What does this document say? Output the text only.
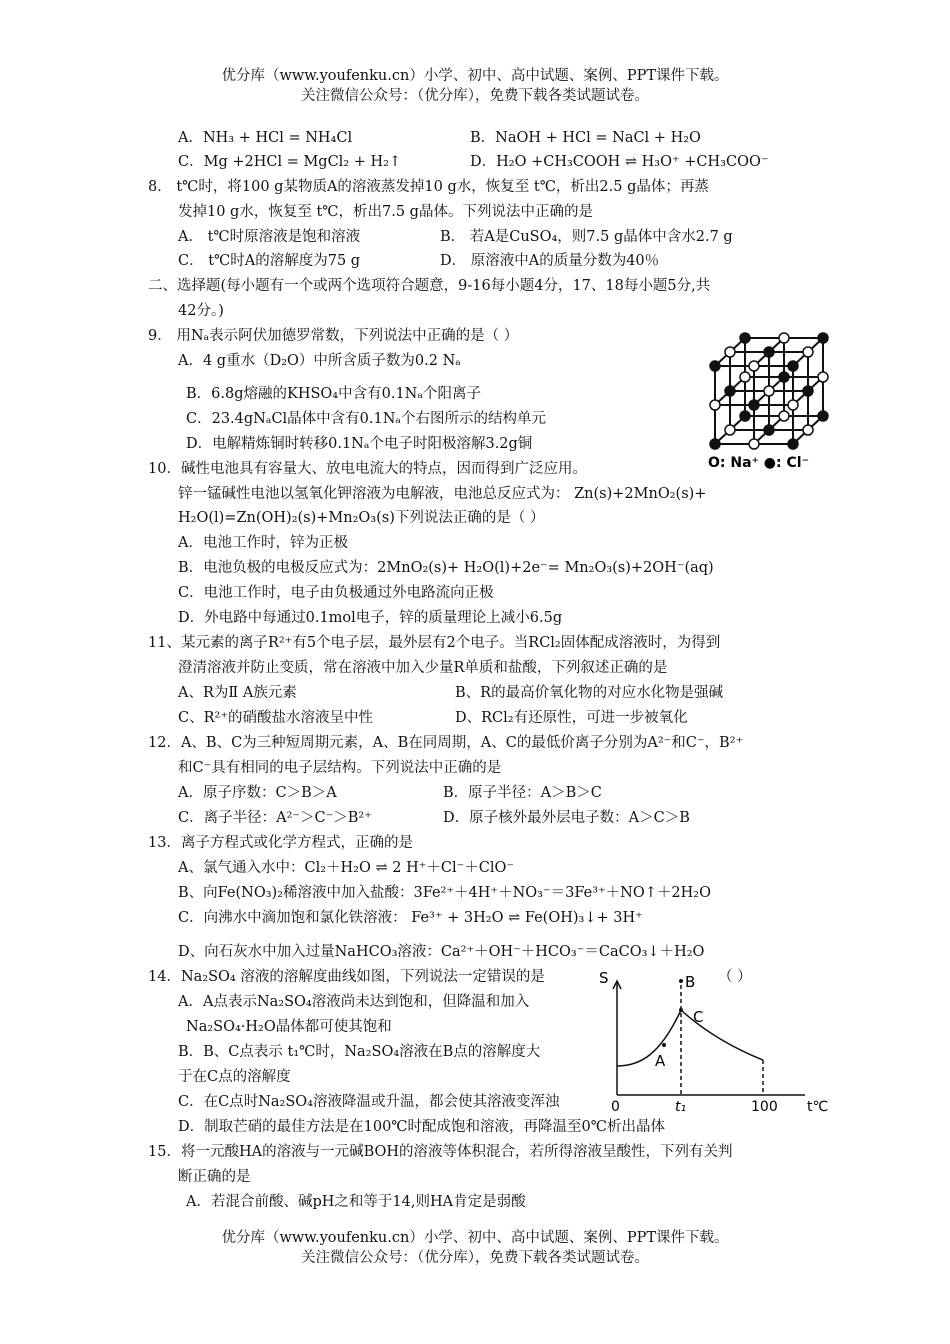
优分库（www.youfenku.cn）小学、初中、高中试题、案例、PPT课件下载。
关注微信公众号：（优分库），免费下载各类试题试卷。
A．NH₃ + HCl = NH₄Cl	B．NaOH + HCl = NaCl + H₂O
C．Mg +2HCl = MgCl₂ + H₂↑	D．H₂O +CH₃COOH ⇌ H₃O⁺ +CH₃COO⁻
8． t℃时，将100 g某物质A的溶液蒸发掉10 g水，恢复至 t℃，析出2.5 g晶体；再蒸
发掉10 g水，恢复至 t℃，析出7.5 g晶体。下列说法中正确的是
A． t℃时原溶液是饱和溶液	B． 若A是CuSO₄，则7.5 g晶体中含水2.7 g
C． t℃时A的溶解度为75 g	D． 原溶液中A的质量分数为40％
二、选择题(每小题有一个或两个选项符合题意，9-16每小题4分，17、18每小题5分,共
42分。)
9． 用Nₐ表示阿伏加德罗常数，下列说法中正确的是（ ）
A．4 g重水（D₂O）中所含质子数为0.2 Nₐ
B．6.8g熔融的KHSO₄中含有0.1Nₐ个阳离子
C．23.4gNₐCl晶体中含有0.1Nₐ个右图所示的结构单元
D．电解精炼铜时转移0.1Nₐ个电子时阳极溶解3.2g铜
O: Na⁺ ●: Cl⁻
10．碱性电池具有容量大、放电电流大的特点，因而得到广泛应用。
锌一锰碱性电池以氢氧化钾溶液为电解液，电池总反应式为： Zn(s)+2MnO₂(s)+
H₂O(l)=Zn(OH)₂(s)+Mn₂O₃(s)下列说法正确的是（ ）
A．电池工作时，锌为正极
B．电池负极的电极反应式为：2MnO₂(s)+ H₂O(l)+2e⁻= Mn₂O₃(s)+2OH⁻(aq)
C．电池工作时，电子由负极通过外电路流向正极
D．外电路中每通过0.1mol电子，锌的质量理论上减小6.5g
11、某元素的离子R²⁺有5个电子层，最外层有2个电子。当RCl₂固体配成溶液时，为得到
澄清溶液并防止变质，常在溶液中加入少量R单质和盐酸，下列叙述正确的是
A、R为Ⅱ A族元素	B、R的最高价氧化物的对应水化物是强碱
C、R²⁺的硝酸盐水溶液呈中性	D、RCl₂有还原性，可进一步被氧化
12．A、B、C为三种短周期元素，A、B在同周期，A、C的最低价离子分别为A²⁻和C⁻，B²⁺
和C⁻具有相同的电子层结构。下列说法中正确的是
A．原子序数：C＞B＞A	B．原子半径：A＞B＞C
C．离子半径：A²⁻＞C⁻＞B²⁺	D．原子核外最外层电子数：A＞C＞B
13．离子方程式或化学方程式，正确的是
A、氯气通入水中：Cl₂＋H₂O ⇌ 2 H⁺＋Cl⁻＋ClO⁻
B、向Fe(NO₃)₂稀溶液中加入盐酸：3Fe²⁺＋4H⁺＋NO₃⁻＝3Fe³⁺＋NO↑＋2H₂O
C．向沸水中滴加饱和氯化铁溶液： Fe³⁺ + 3H₂O ⇌ Fe(OH)₃↓+ 3H⁺
D、向石灰水中加入过量NaHCO₃溶液：Ca²⁺＋OH⁻＋HCO₃⁻＝CaCO₃↓＋H₂O
14．Na₂SO₄ 溶液的溶解度曲线如图，下列说法一定错误的是	（ ）
A．A点表示Na₂SO₄溶液尚未达到饱和，但降温和加入
Na₂SO₄·H₂O晶体都可使其饱和
B．B、C点表示 t₁℃时，Na₂SO₄溶液在B点的溶解度大
于在C点的溶解度
C．在C点时Na₂SO₄溶液降温或升温，都会使其溶液变浑浊
D．制取芒硝的最佳方法是在100℃时配成饱和溶液，再降温至0℃析出晶体
S	B
C
A
0	t₁	100 t℃
15．将一元酸HA的溶液与一元碱BOH的溶液等体积混合，若所得溶液呈酸性，下列有关判
断正确的是
A．若混合前酸、碱pH之和等于14,则HA肯定是弱酸
优分库（www.youfenku.cn）小学、初中、高中试题、案例、PPT课件下载。
关注微信公众号：（优分库），免费下载各类试题试卷。
